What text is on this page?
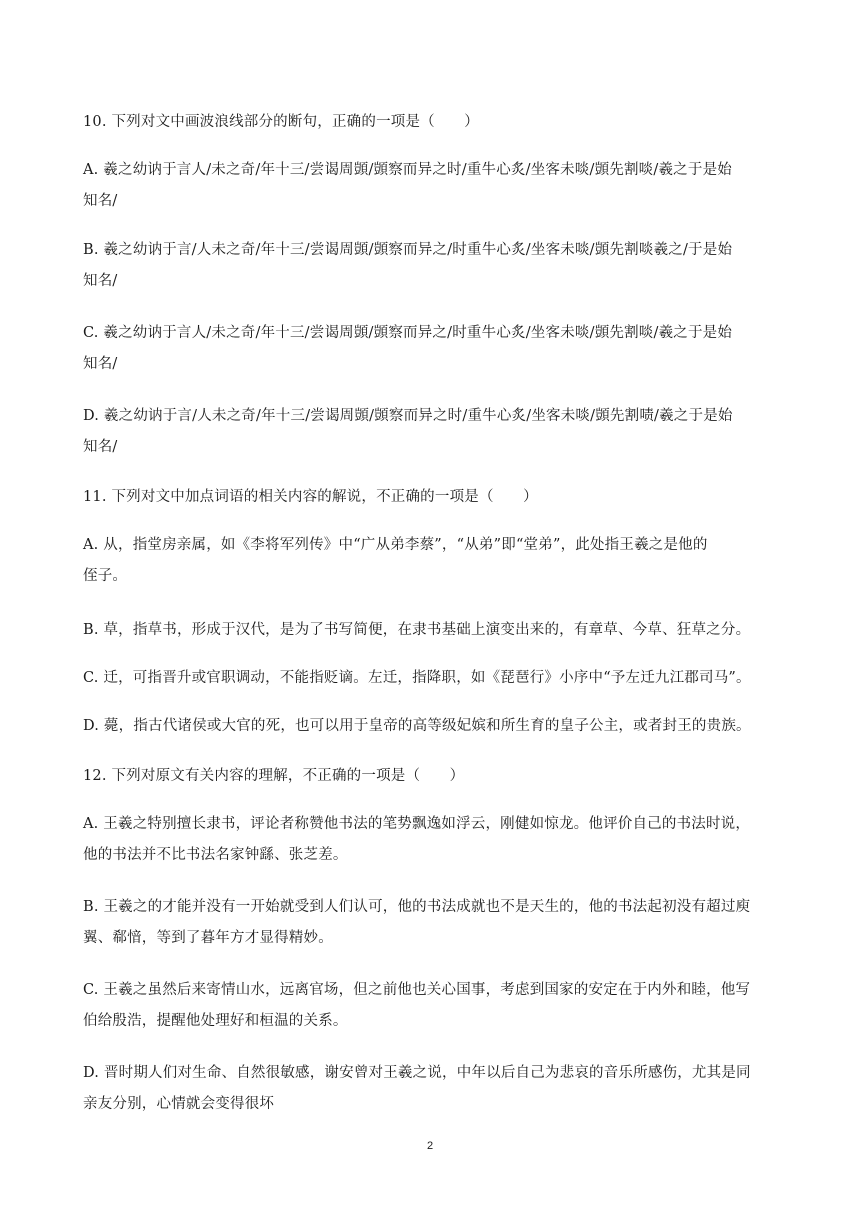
10. 下列对文中画波浪线部分的断句，正确的一项是（　　）
A. 羲之幼讷于言人/未之奇/年十三/尝谒周顗/顗察而异之时/重牛心炙/坐客未啖/顗先割啖/羲之于是始
知名/
B. 羲之幼讷于言/人未之奇/年十三/尝谒周顗/顗察而异之/时重牛心炙/坐客未啖/顗先割啖羲之/于是始
知名/
C. 羲之幼讷于言人/未之奇/年十三/尝谒周顗/顗察而异之/时重牛心炙/坐客未啖/顗先割啖/羲之于是始
知名/
D. 羲之幼讷于言/人未之奇/年十三/尝谒周顗/顗察而异之时/重牛心炙/坐客未啖/顗先割啧/羲之于是始
知名/
11. 下列对文中加点词语的相关内容的解说，不正确的一项是（　　）
A. 从，指堂房亲属，如《李将军列传》中“广从弟李蔡”，“从弟”即“堂弟”，此处指王羲之是他的
侄子。
B. 草，指草书，形成于汉代，是为了书写简便，在隶书基础上演变出来的，有章草、今草、狂草之分。
C. 迁，可指晋升或官职调动，不能指贬谪。左迁，指降职，如《琵琶行》小序中“予左迁九江郡司马”。
D. 薨，指古代诸侯或大官的死，也可以用于皇帝的高等级妃嫔和所生育的皇子公主，或者封王的贵族。
12. 下列对原文有关内容的理解，不正确的一项是（　　）
A. 王羲之特别擅长隶书，评论者称赞他书法的笔势飘逸如浮云，刚健如惊龙。他评价自己的书法时说，
他的书法并不比书法名家钟繇、张芝差。
B. 王羲之的才能并没有一开始就受到人们认可，他的书法成就也不是天生的，他的书法起初没有超过庾
翼、郗愔，等到了暮年方才显得精妙。
C. 王羲之虽然后来寄情山水，远离官场，但之前他也关心国事，考虑到国家的安定在于内外和睦，他写
伯给殷浩，提醒他处理好和桓温的关系。
D. 晋时期人们对生命、自然很敏感，谢安曾对王羲之说，中年以后自己为悲哀的音乐所感伤，尤其是同
亲友分别，心情就会变得很坏
2
